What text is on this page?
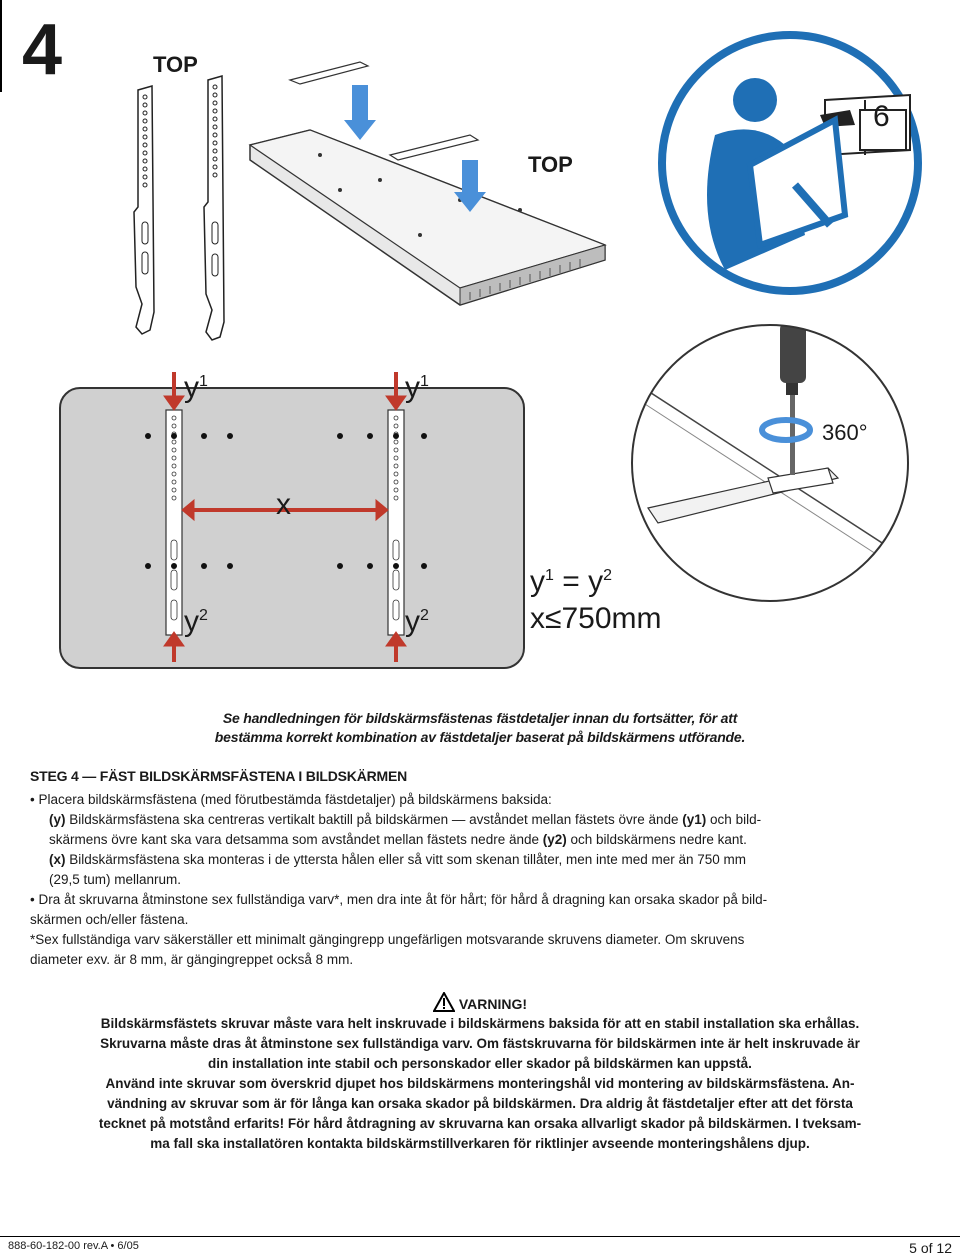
4	TOP
TOP
6
$y^1$	$y^1$
x
$y^2$	$y^2$
$y^1 = y^2$
x≤750mm
360°
Se handledningen för bildskärmsfästenas fästdetaljer innan du fortsätter, för att
bestämma korrekt kombination av fästdetaljer baserat på bildskärmens utförande.
STEG 4 — FÄST BILDSKÄRMSFÄSTENA I BILDSKÄRMEN

• Placera bildskärmsfästena (med förutbestämda fästdetaljer) på bildskärmens baksida:

(y) Bildskärmsfästena ska centreras vertikalt baktill på bildskärmen — avståndet mellan fästets övre ände (y1) och bild-

skärmens övre kant ska vara detsamma som avståndet mellan fästets nedre ände (y2) och bildskärmens nedre kant.

(x) Bildskärmsfästena ska monteras i de yttersta hålen eller så vitt som skenan tillåter, men inte med mer än 750 mm

(29,5 tum) mellanrum.

• Dra åt skruvarna åtminstone sex fullständiga varv*, men dra inte åt för hårt; för hård å dragning kan orsaka skador på bild-

skärmen och/eller fästena.

*Sex fullständiga varv säkerställer ett minimalt gängingrepp ungefärligen motsvarande skruvens diameter. Om skruvens

diameter exv. är 8 mm, är gängingreppet också 8 mm.

VARNING!

Bildskärmsfästets skruvar måste vara helt inskruvade i bildskärmens baksida för att en stabil installation ska erhållas.

Skruvarna måste dras åt åtminstone sex fullständiga varv. Om fästskruvarna för bildskärmen inte är helt inskruvade är

din installation inte stabil och personskador eller skador på bildskärmen kan uppstå.

Använd inte skruvar som överskrid djupet hos bildskärmens monteringshål vid montering av bildskärmsfästena. An-

vändning av skruvar som är för långa kan orsaka skador på bildskärmen. Dra aldrig åt fästdetaljer efter att det första

tecknet på motstånd erfarits! För hård åtdragning av skruvarna kan orsaka allvarligt skador på bildskärmen. I tveksam-

ma fall ska installatören kontakta bildskärmstillverkaren för riktlinjer avseende monteringshålens djup.

888-60-182-00 rev.A • 6/05	5 of 12
